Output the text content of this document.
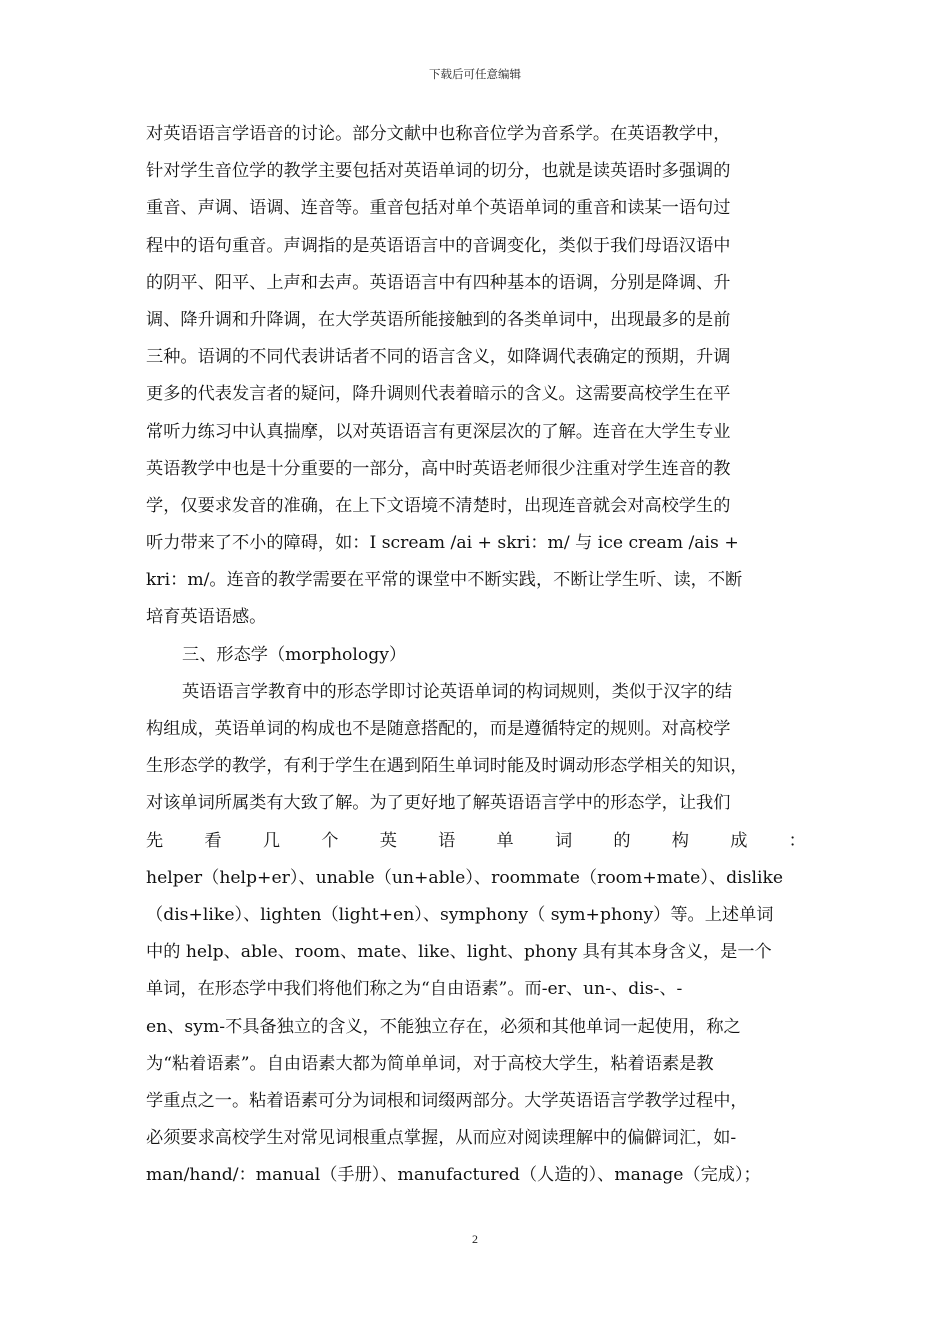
下载后可任意编辑
对英语语言学语音的讨论。部分文献中也称音位学为音系学。在英语教学中，
针对学生音位学的教学主要包括对英语单词的切分，也就是读英语时多强调的
重音、声调、语调、连音等。重音包括对单个英语单词的重音和读某一语句过
程中的语句重音。声调指的是英语语言中的音调变化，类似于我们母语汉语中
的阴平、阳平、上声和去声。英语语言中有四种基本的语调，分别是降调、升
调、降升调和升降调，在大学英语所能接触到的各类单词中，出现最多的是前
三种。语调的不同代表讲话者不同的语言含义，如降调代表确定的预期，升调
更多的代表发言者的疑问，降升调则代表着暗示的含义。这需要高校学生在平
常听力练习中认真揣摩，以对英语语言有更深层次的了解。连音在大学生专业
英语教学中也是十分重要的一部分，高中时英语老师很少注重对学生连音的教
学，仅要求发音的准确，在上下文语境不清楚时，出现连音就会对高校学生的
听力带来了不小的障碍，如：I scream /ai + skri：m/ 与 ice cream /ais +
kri：m/。连音的教学需要在平常的课堂中不断实践，不断让学生听、读，不断
培育英语语感。
三、形态学（morphology）
英语语言学教育中的形态学即讨论英语单词的构词规则，类似于汉字的结
构组成，英语单词的构成也不是随意搭配的，而是遵循特定的规则。对高校学
生形态学的教学，有利于学生在遇到陌生单词时能及时调动形态学相关的知识，
对该单词所属类有大致了解。为了更好地了解英语语言学中的形态学，让我们
先 看 几 个 英 语 单 词 的 构 成 ：
helper（help+er）、unable（un+able）、roommate（room+mate）、dislike
（dis+like）、lighten（light+en）、symphony（ sym+phony）等。上述单词
中的 help、able、room、mate、like、light、phony 具有其本身含义，是一个
单词，在形态学中我们将他们称之为“自由语素”。而-er、un-、dis-、-
en、sym-不具备独立的含义，不能独立存在，必须和其他单词一起使用，称之
为“粘着语素”。自由语素大都为简单单词，对于高校大学生，粘着语素是教
学重点之一。粘着语素可分为词根和词缀两部分。大学英语语言学教学过程中，
必须要求高校学生对常见词根重点掌握，从而应对阅读理解中的偏僻词汇，如-
man/hand/：manual（手册）、manufactured（人造的）、manage（完成）；
2
